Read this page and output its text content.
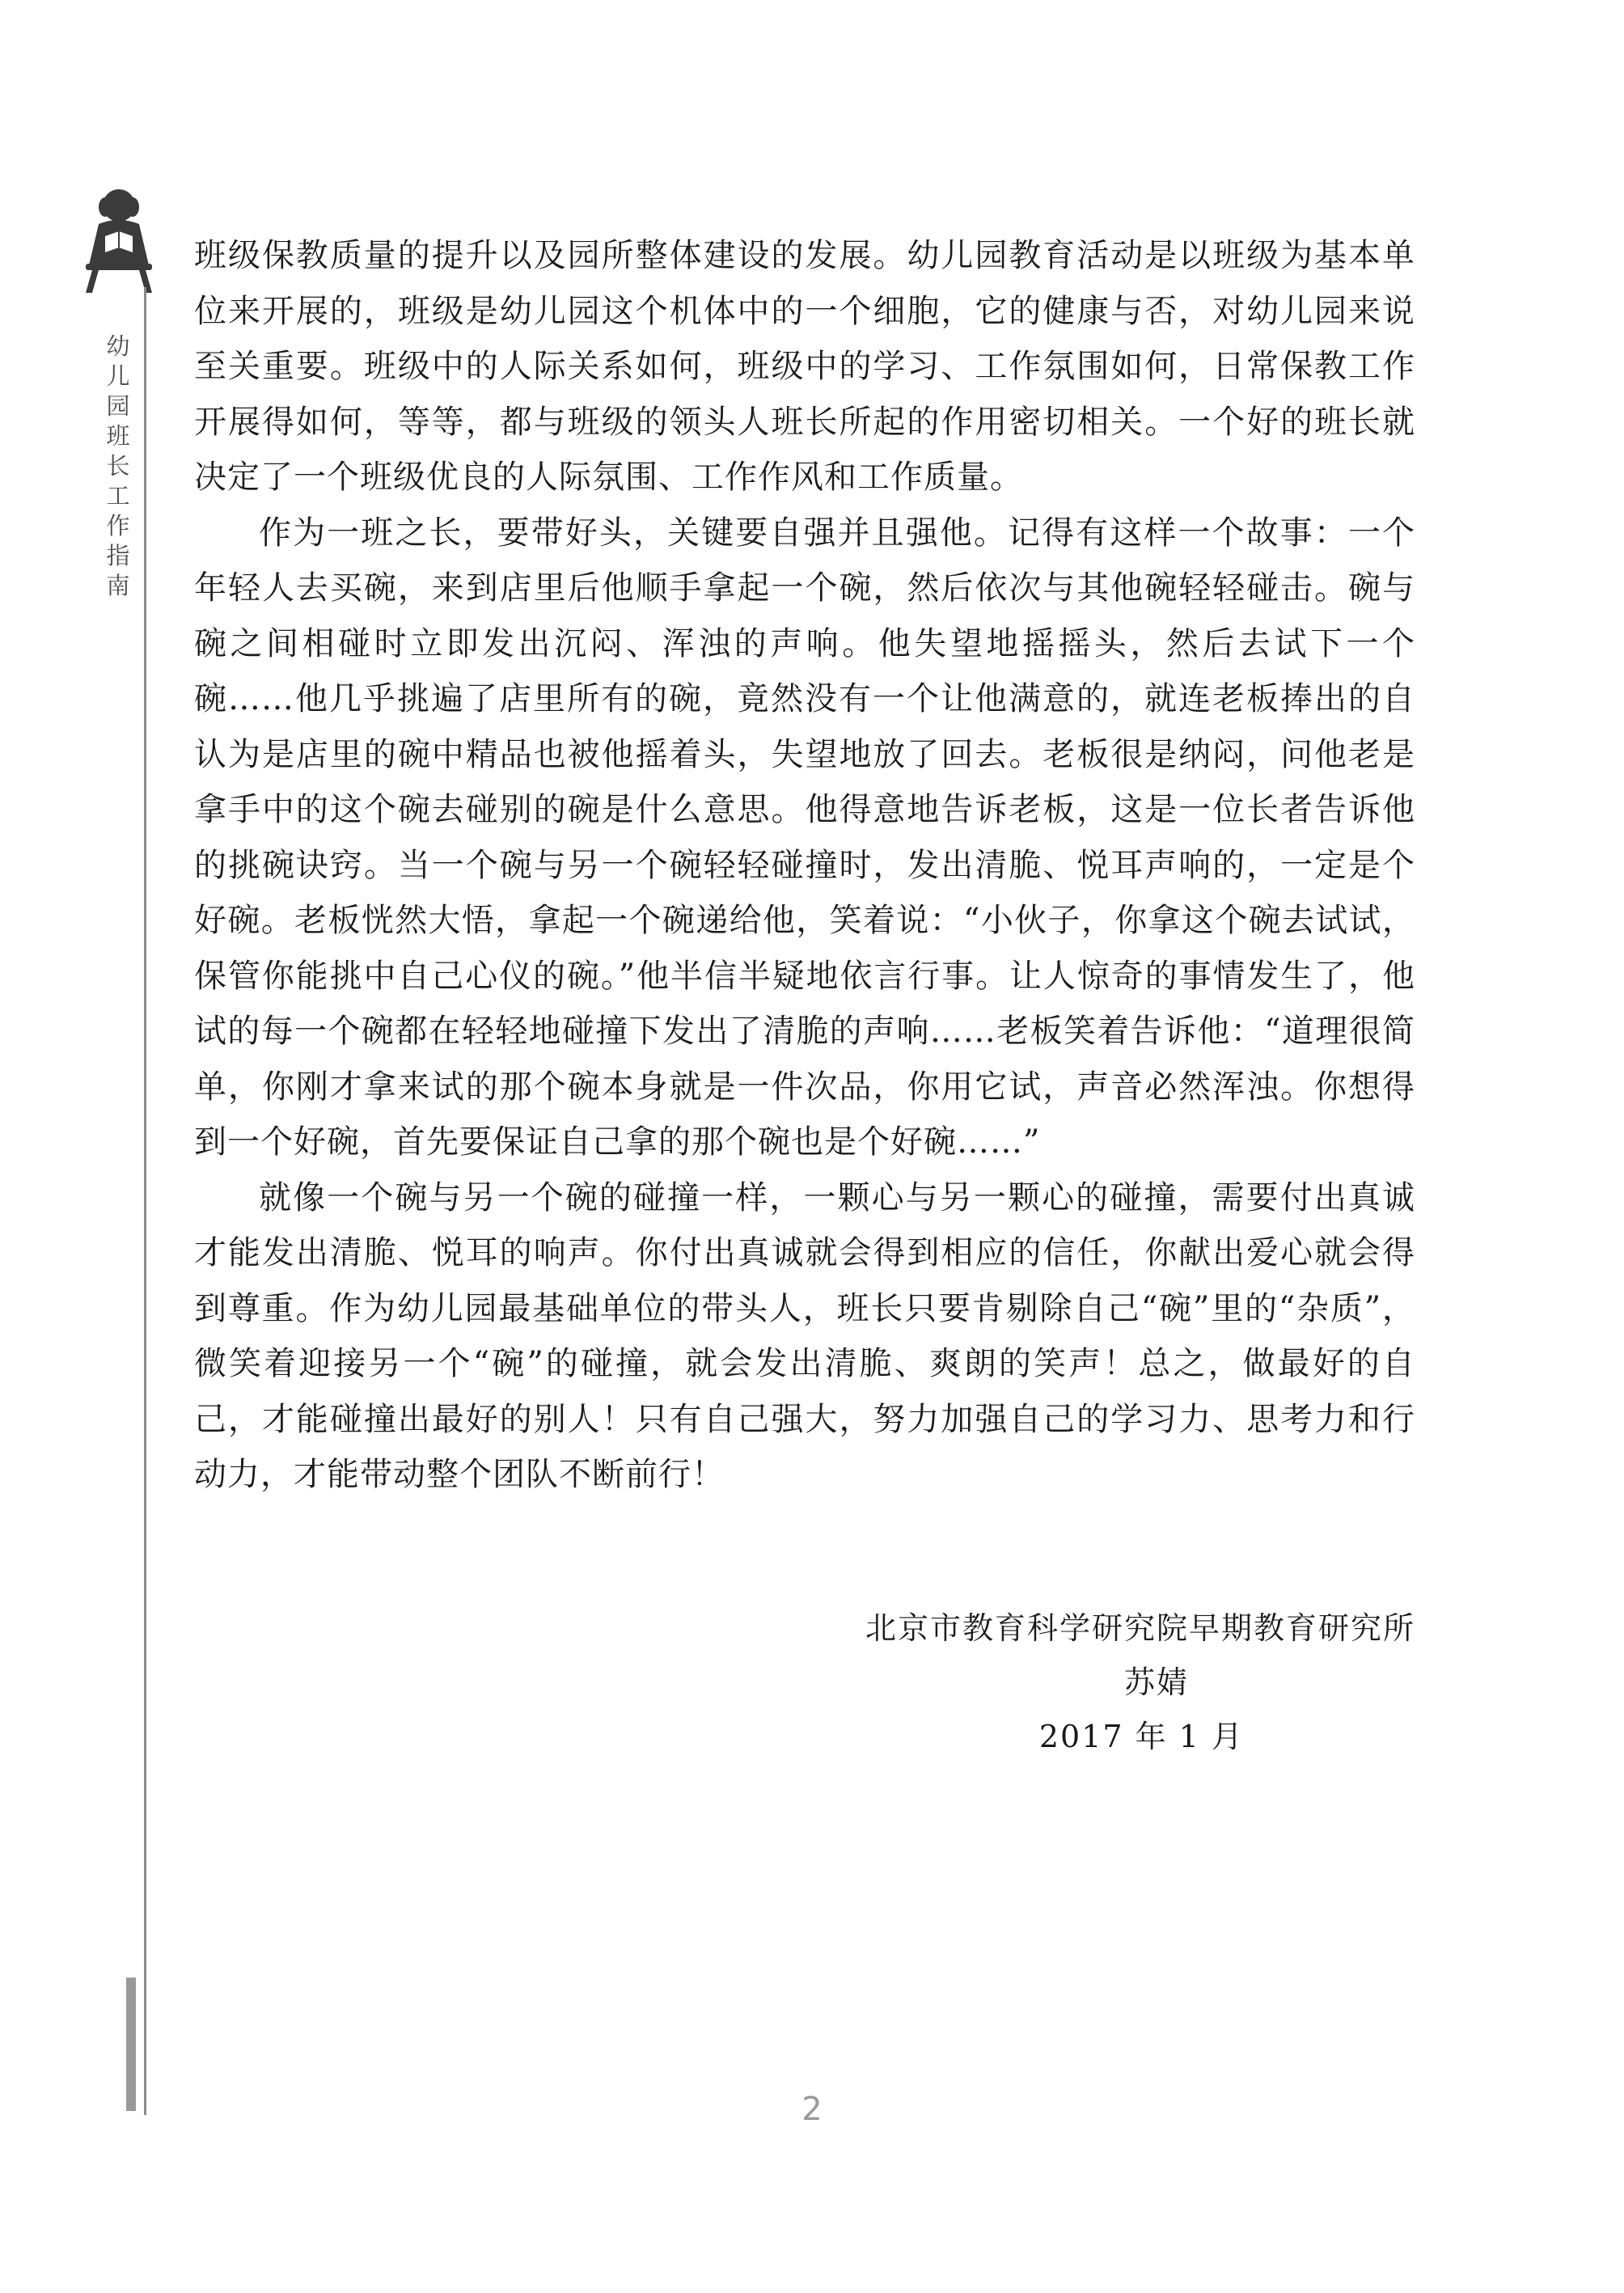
幼儿园班长工作指南

班级保教质量的提升以及园所整体建设的发展。幼儿园教育活动是以班级为基本单位来开展的，班级是幼儿园这个机体中的一个细胞，它的健康与否，对幼儿园来说至关重要。班级中的人际关系如何，班级中的学习、工作氛围如何，日常保教工作开展得如何，等等，都与班级的领头人班长所起的作用密切相关。一个好的班长就决定了一个班级优良的人际氛围、工作作风和工作质量。

作为一班之长，要带好头，关键要自强并且强他。记得有这样一个故事：一个年轻人去买碗，来到店里后他顺手拿起一个碗，然后依次与其他碗轻轻碰击。碗与碗之间相碰时立即发出沉闷、浑浊的声响。他失望地摇摇头，然后去试下一个碗……他几乎挑遍了店里所有的碗，竟然没有一个让他满意的，就连老板捧出的自认为是店里的碗中精品也被他摇着头，失望地放了回去。老板很是纳闷，问他老是拿手中的这个碗去碰别的碗是什么意思。他得意地告诉老板，这是一位长者告诉他的挑碗诀窍。当一个碗与另一个碗轻轻碰撞时，发出清脆、悦耳声响的，一定是个好碗。老板恍然大悟，拿起一个碗递给他，笑着说：“小伙子，你拿这个碗去试试，保管你能挑中自己心仪的碗。”他半信半疑地依言行事。让人惊奇的事情发生了，他试的每一个碗都在轻轻地碰撞下发出了清脆的声响……老板笑着告诉他：“道理很简单，你刚才拿来试的那个碗本身就是一件次品，你用它试，声音必然浑浊。你想得到一个好碗，首先要保证自己拿的那个碗也是个好碗……”

就像一个碗与另一个碗的碰撞一样，一颗心与另一颗心的碰撞，需要付出真诚才能发出清脆、悦耳的响声。你付出真诚就会得到相应的信任，你献出爱心就会得到尊重。作为幼儿园最基础单位的带头人，班长只要肯剔除自己“碗”里的“杂质”，微笑着迎接另一个“碗”的碰撞，就会发出清脆、爽朗的笑声！总之，做最好的自己，才能碰撞出最好的别人！只有自己强大，努力加强自己的学习力、思考力和行动力，才能带动整个团队不断前行！

北京市教育科学研究院早期教育研究所
苏婧
2017 年 1 月
2
